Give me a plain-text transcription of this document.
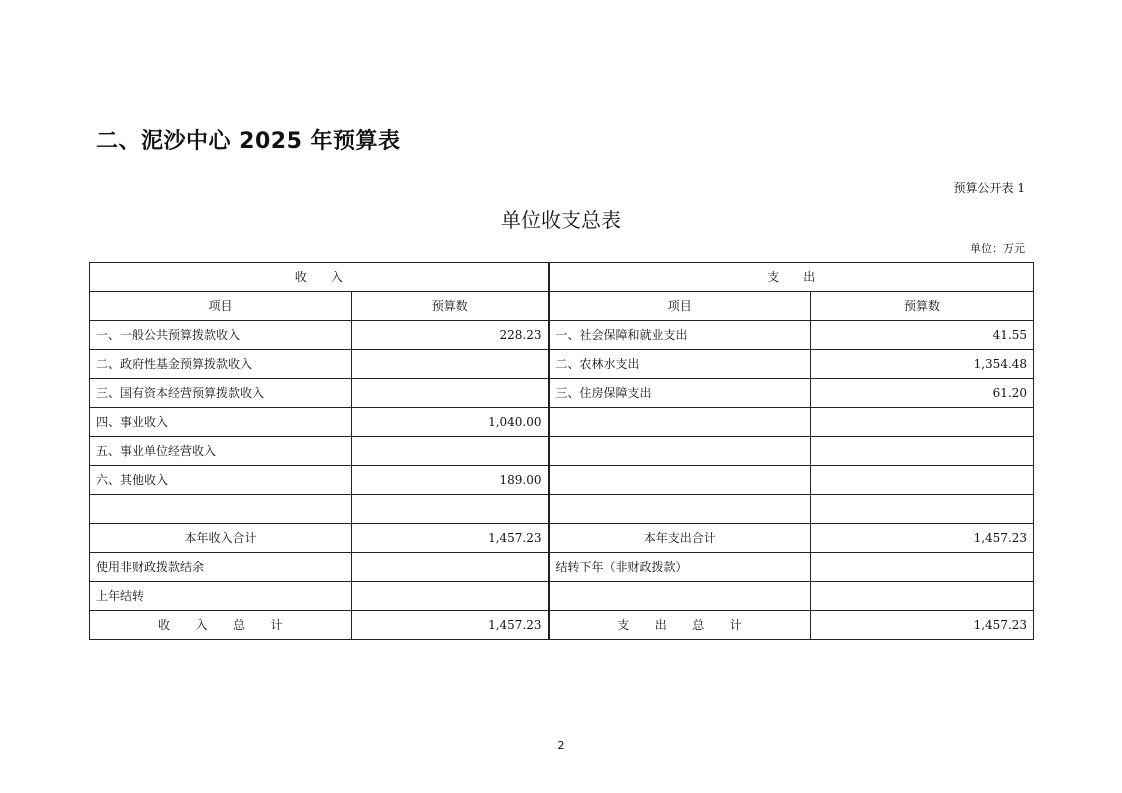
二、泥沙中心 2025 年预算表
预算公开表 1
单位收支总表
单位：万元
收　　入		支　　出	
项目	预算数	项目	预算数
一、一般公共预算拨款收入	228.23	一、社会保障和就业支出	41.55
二、政府性基金预算拨款收入		二、农林水支出	1,354.48
三、国有资本经营预算拨款收入		三、住房保障支出	61.20
四、事业收入	1,040.00		
五、事业单位经营收入			
六、其他收入	189.00		

本年收入合计	1,457.23	本年支出合计	1,457.23
使用非财政拨款结余		结转下年（非财政拨款）	
上年结转			
收　　入　　总　　计	1,457.23	支　　出　　总　　计	1,457.23
2
